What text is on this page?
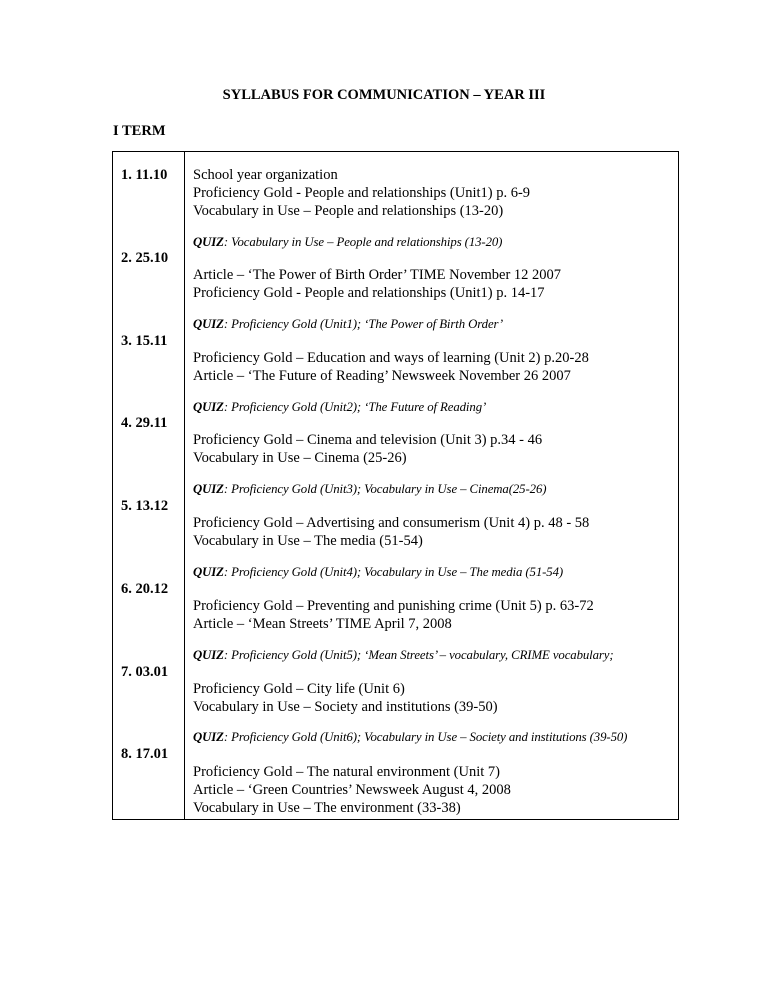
SYLLABUS FOR COMMUNICATION – YEAR III
I TERM
1. 11.10 School year organization
Proficiency Gold - People and relationships (Unit1) p. 6-9
Vocabulary in Use – People and relationships (13-20)
QUIZ: Vocabulary in Use – People and relationships (13-20)
2. 25.10
Article – ‘The Power of Birth Order’ TIME November 12 2007
Proficiency Gold - People and relationships (Unit1) p. 14-17
QUIZ: Proficiency Gold (Unit1); ‘The Power of Birth Order’
3. 15.11
Proficiency Gold – Education and ways of learning (Unit 2) p.20-28
Article – ‘The Future of Reading’ Newsweek November 26 2007
QUIZ: Proficiency Gold (Unit2); ‘The Future of Reading’
4. 29.11
Proficiency Gold – Cinema and television (Unit 3) p.34 - 46
Vocabulary in Use – Cinema (25-26)
QUIZ: Proficiency Gold (Unit3); Vocabulary in Use – Cinema(25-26)
5. 13.12
Proficiency Gold – Advertising and consumerism (Unit 4) p. 48 - 58
Vocabulary in Use – The media (51-54)
QUIZ: Proficiency Gold (Unit4); Vocabulary in Use – The media (51-54)
6. 20.12
Proficiency Gold – Preventing and punishing crime (Unit 5) p. 63-72
Article – ‘Mean Streets’ TIME April 7, 2008
QUIZ: Proficiency Gold (Unit5); ‘Mean Streets’ – vocabulary, CRIME vocabulary;
7. 03.01
Proficiency Gold – City life (Unit 6)
Vocabulary in Use – Society and institutions (39-50)
QUIZ: Proficiency Gold (Unit6); Vocabulary in Use – Society and institutions (39-50)
8. 17.01
Proficiency Gold – The natural environment (Unit 7)
Article – ‘Green Countries’ Newsweek August 4, 2008
Vocabulary in Use – The environment (33-38)
